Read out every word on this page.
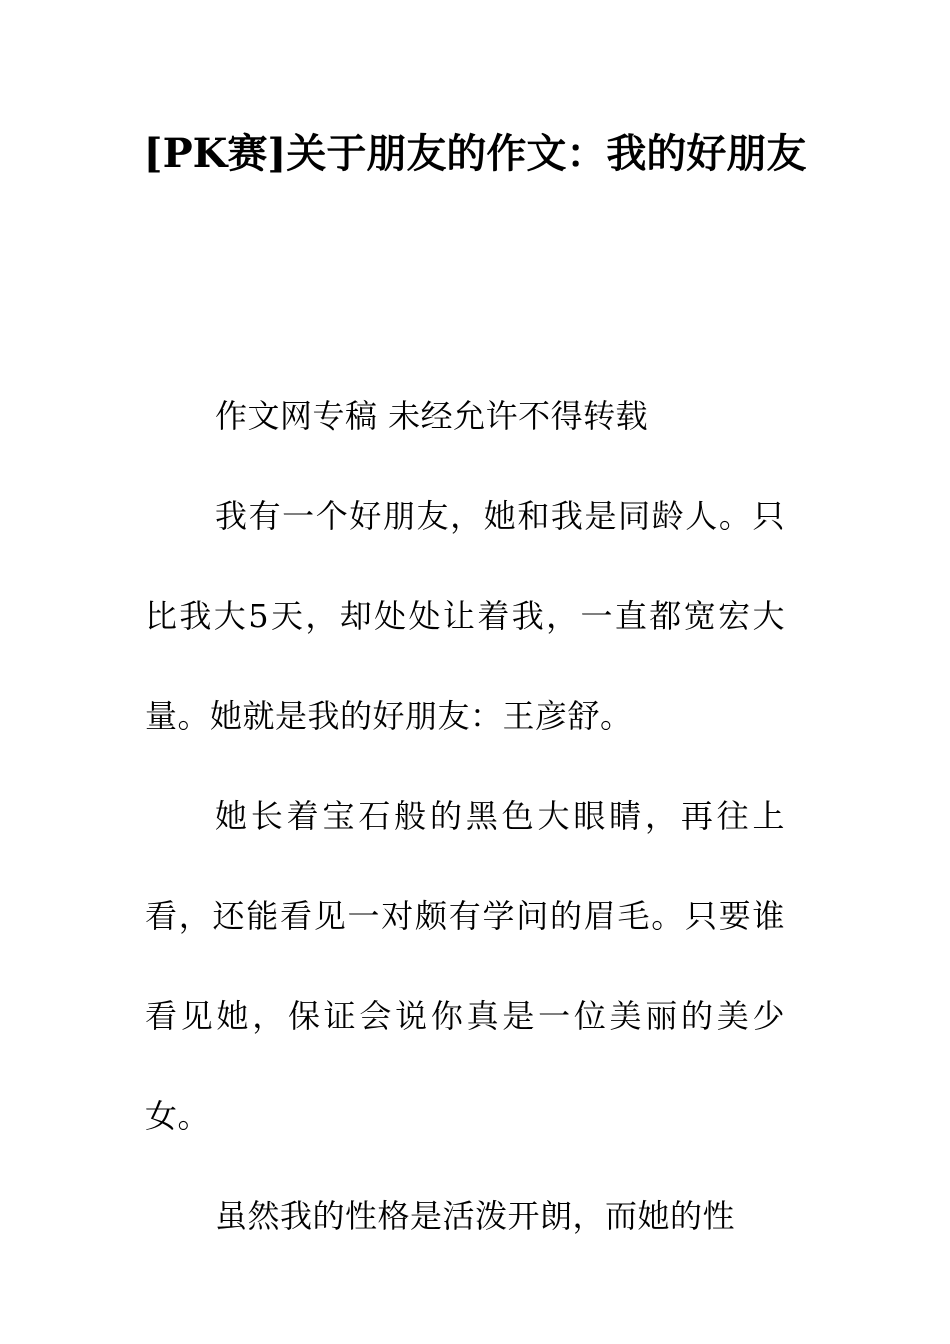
[PK赛]关于朋友的作文：我的好朋友

作文网专稿 未经允许不得转载

我有一个好朋友，她和我是同龄人。只比我大5天，却处处让着我，一直都宽宏大量。她就是我的好朋友：王彦舒。

她长着宝石般的黑色大眼睛，再往上看，还能看见一对颇有学问的眉毛。只要谁看见她，保证会说你真是一位美丽的美少女。

虽然我的性格是活泼开朗，而她的性
